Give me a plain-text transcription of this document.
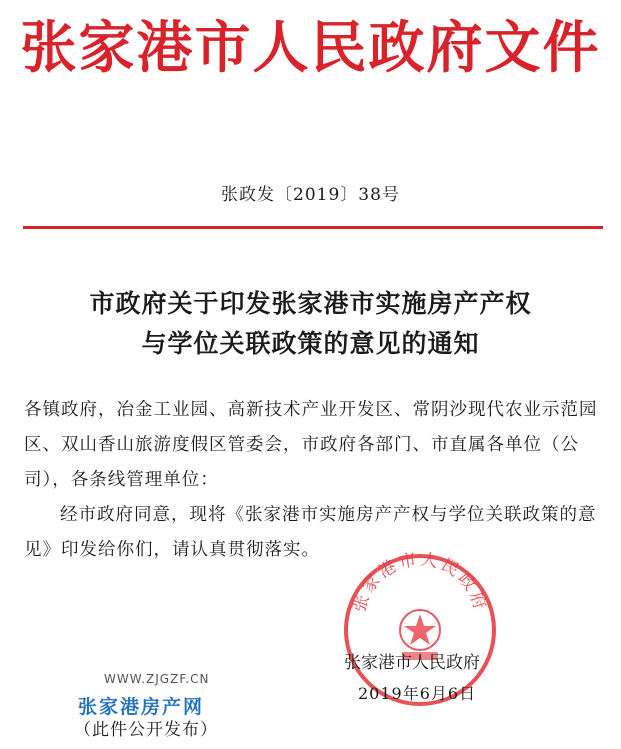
张家港市人民政府文件
张政发〔2019〕38号
市政府关于印发张家港市实施房产产权
与学位关联政策的意见的通知
各镇政府，冶金工业园、高新技术产业开发区、常阴沙现代农业示范园区、双山香山旅游度假区管委会，市政府各部门、市直属各单位（公司），各条线管理单位：
经市政府同意，现将《张家港市实施房产产权与学位关联政策的意见》印发给你们，请认真贯彻落实。
张家港市人民政府
张家港市人民政府
2019年6月6日
WWW.ZJGZF.CN
张家港房产网
（此件公开发布）
